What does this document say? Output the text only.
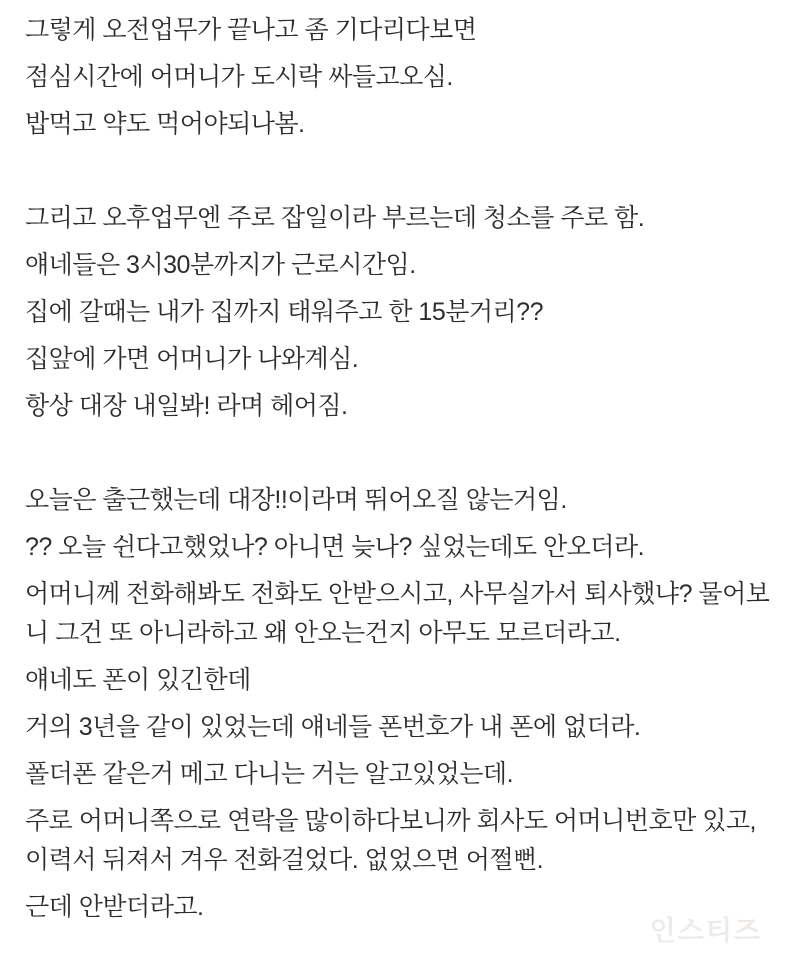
그렇게 오전업무가 끝나고 좀 기다리다보면

점심시간에 어머니가 도시락 싸들고오심.

밥먹고 약도 먹어야되나봄.

그리고 오후업무엔 주로 잡일이라 부르는데 청소를 주로 함.

얘네들은 3시30분까지가 근로시간임.

집에 갈때는 내가 집까지 태워주고 한 15분거리??

집앞에 가면 어머니가 나와계심.

항상 대장 내일봐! 라며 헤어짐.

오늘은 출근했는데 대장!!이라며 뛰어오질 않는거임.

?? 오늘 쉰다고했었나? 아니면 늦나? 싶었는데도 안오더라.

어머니께 전화해봐도 전화도 안받으시고, 사무실가서 퇴사했냐? 물어보
니 그건 또 아니라하고 왜 안오는건지 아무도 모르더라고.

얘네도 폰이 있긴한데

거의 3년을 같이 있었는데 얘네들 폰번호가 내 폰에 없더라.

폴더폰 같은거 메고 다니는 거는 알고있었는데.

주로 어머니쪽으로 연락을 많이하다보니까 회사도 어머니번호만 있고,
이력서 뒤져서 겨우 전화걸었다. 없었으면 어쩔뻔.

근데 안받더라고.

인스티즈
